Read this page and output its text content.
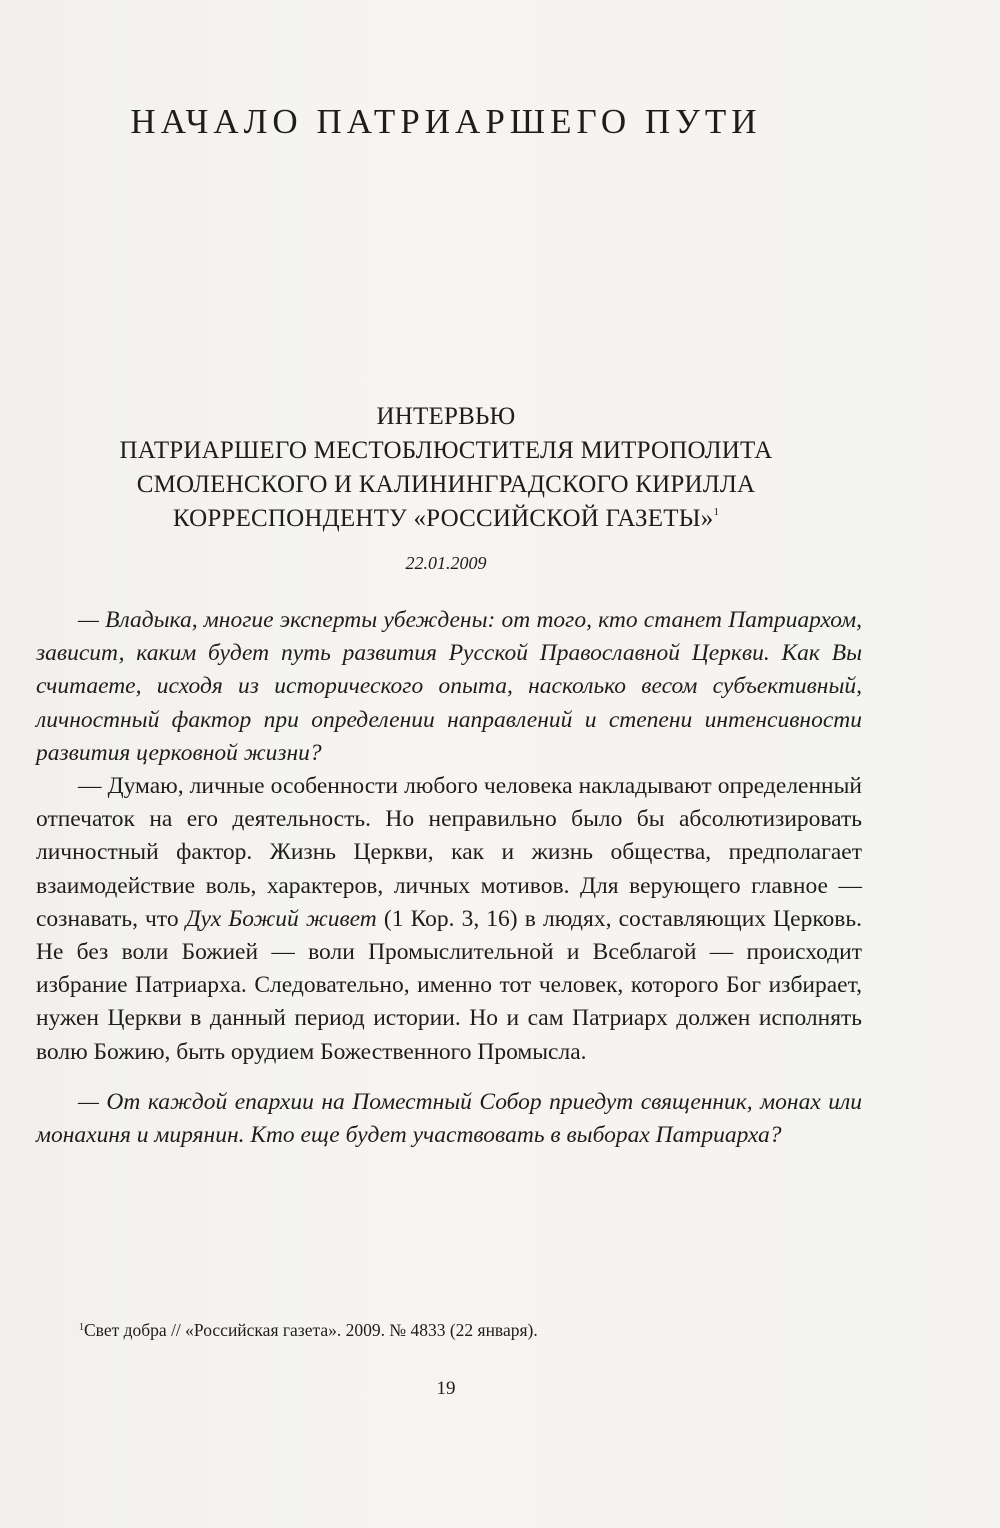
НАЧАЛО ПАТРИАРШЕГО ПУТИ
ИНТЕРВЬЮ
ПАТРИАРШЕГО МЕСТОБЛЮСТИТЕЛЯ МИТРОПОЛИТА
СМОЛЕНСКОГО И КАЛИНИНГРАДСКОГО КИРИЛЛА
КОРРЕСПОНДЕНТУ «РОССИЙСКОЙ ГАЗЕТЫ»$^1$
22.01.2009

— Владыка, многие эксперты убеждены: от того, кто станет Патриархом, зависит, каким будет путь развития Русской Православной Церкви. Как Вы считаете, исходя из исторического опыта, насколько весом субъективный, личностный фактор при определении направлений и степени интенсивности развития церковной жизни?

— Думаю, личные особенности любого человека накладывают определенный отпечаток на его деятельность. Но неправильно было бы абсолютизировать личностный фактор. Жизнь Церкви, как и жизнь общества, предполагает взаимодействие воль, характеров, личных мотивов. Для верующего главное — сознавать, что Дух Божий живет (1 Кор. 3, 16) в людях, составляющих Церковь. Не без воли Божией — воли Промыслительной и Всеблагой — происходит избрание Патриарха. Следовательно, именно тот человек, которого Бог избирает, нужен Церкви в данный период истории. Но и сам Патриарх должен исполнять волю Божию, быть орудием Божественного Промысла.

— От каждой епархии на Поместный Собор приедут священник, монах или монахиня и мирянин. Кто еще будет участвовать в выборах Патриарха?

$^1$Свет добра // «Российская газета». 2009. № 4833 (22 января).
19
